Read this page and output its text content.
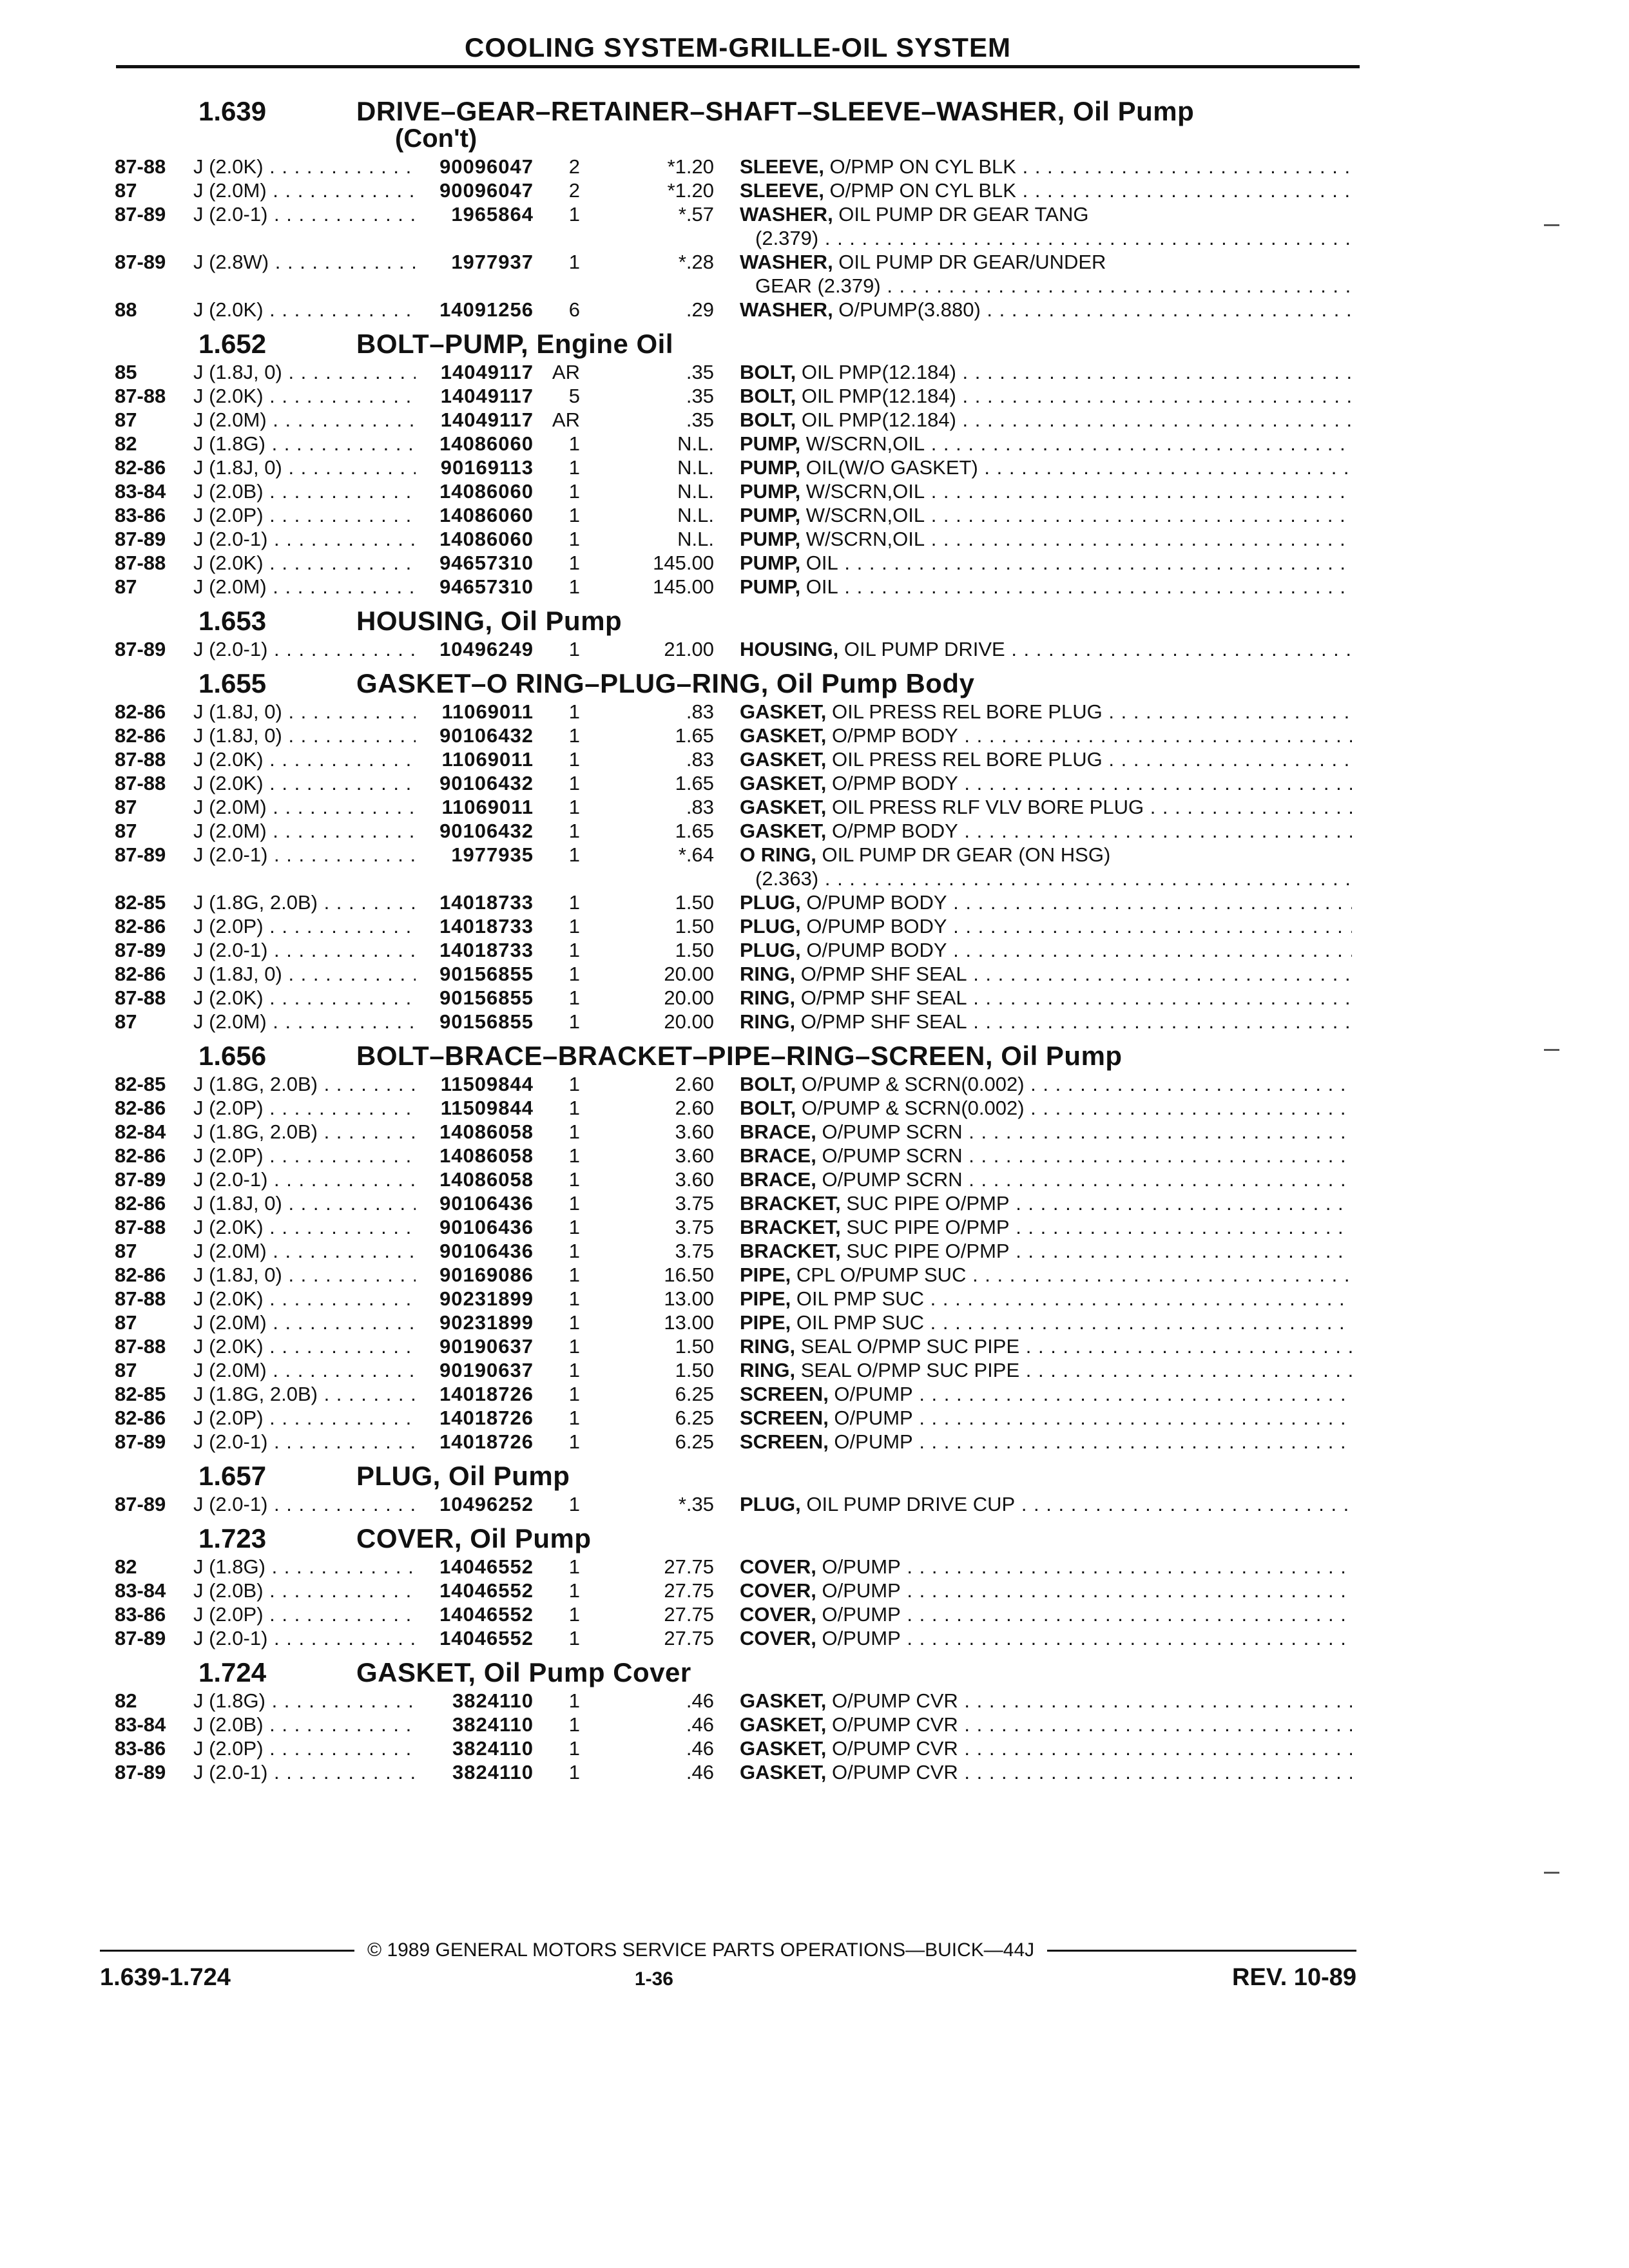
COOLING SYSTEM-GRILLE-OIL SYSTEM
1.639	DRIVE–GEAR–RETAINER–SHAFT–SLEEVE–WASHER, Oil Pump
(Con't)
87-88	J (2.0K) . . .	90096047	2	*1.20	SLEEVE, O/PMP ON CYL BLK . . .
87	J (2.0M) . . .	90096047	2	*1.20	SLEEVE, O/PMP ON CYL BLK . . .
87-89	J (2.0-1) . . .	1965864	1	*.57	WASHER, OIL PUMP DR GEAR TANG
(2.379) . . .
87-89	J (2.8W) . . .	1977937	1	*.28	WASHER, OIL PUMP DR GEAR/UNDER
GEAR (2.379) . . .
88	J (2.0K) . . .	14091256	6	.29	WASHER, O/PUMP(3.880) . . .
1.652	BOLT–PUMP, Engine Oil
85	J (1.8J, 0) . . .	14049117 AR	.35	BOLT, OIL PMP(12.184) . . .
87-88	J (2.0K) . . .	14049117	5	.35	BOLT, OIL PMP(12.184) . . .
87	J (2.0M) . . .	14049117 AR	.35	BOLT, OIL PMP(12.184) . . .
82	J (1.8G) . . .	14086060	1	N.L.	PUMP, W/SCRN,OIL . . .
82-86	J (1.8J, 0) . . .	90169113	1	N.L.	PUMP, OIL(W/O GASKET) . . .
83-84	J (2.0B) . . .	14086060	1	N.L.	PUMP, W/SCRN,OIL . . .
83-86	J (2.0P) . . .	14086060	1	N.L.	PUMP, W/SCRN,OIL . . .
87-89	J (2.0-1) . . .	14086060	1	N.L.	PUMP, W/SCRN,OIL . . .
87-88	J (2.0K) . . .	94657310	1	145.00	PUMP, OIL . . .
87	J (2.0M) . . .	94657310	1	145.00	PUMP, OIL . . .
1.653	HOUSING, Oil Pump
87-89	J (2.0-1) . . .	10496249	1	21.00	HOUSING, OIL PUMP DRIVE . . .
1.655	GASKET–O RING–PLUG–RING, Oil Pump Body
82-86	J (1.8J, 0) . . .	11069011	1	.83	GASKET, OIL PRESS REL BORE PLUG . . .
82-86	J (1.8J, 0) . . .	90106432	1	1.65	GASKET, O/PMP BODY . . .
87-88	J (2.0K) . . .	11069011	1	.83	GASKET, OIL PRESS REL BORE PLUG . . .
87-88	J (2.0K) . . .	90106432	1	1.65	GASKET, O/PMP BODY . . .
87	J (2.0M) . . .	11069011	1	.83	GASKET, OIL PRESS RLF VLV BORE PLUG . . .
87	J (2.0M) . . .	90106432	1	1.65	GASKET, O/PMP BODY . . .
87-89	J (2.0-1) . . .	1977935	1	*.64	O RING, OIL PUMP DR GEAR (ON HSG)
(2.363) . . .
82-85	J (1.8G, 2.0B) . . .	14018733	1	1.50	PLUG, O/PUMP BODY . . .
82-86	J (2.0P) . . .	14018733	1	1.50	PLUG, O/PUMP BODY . . .
87-89	J (2.0-1) . . .	14018733	1	1.50	PLUG, O/PUMP BODY . . .
82-86	J (1.8J, 0) . . .	90156855	1	20.00	RING, O/PMP SHF SEAL . . .
87-88	J (2.0K) . . .	90156855	1	20.00	RING, O/PMP SHF SEAL . . .
87	J (2.0M) . . .	90156855	1	20.00	RING, O/PMP SHF SEAL . . .
1.656	BOLT–BRACE–BRACKET–PIPE–RING–SCREEN, Oil Pump
82-85	J (1.8G, 2.0B) . . .	11509844	1	2.60	BOLT, O/PUMP & SCRN(0.002) . . .
82-86	J (2.0P) . . .	11509844	1	2.60	BOLT, O/PUMP & SCRN(0.002) . . .
82-84	J (1.8G, 2.0B) . . .	14086058	1	3.60	BRACE, O/PUMP SCRN . . .
82-86	J (2.0P) . . .	14086058	1	3.60	BRACE, O/PUMP SCRN . . .
87-89	J (2.0-1) . . .	14086058	1	3.60	BRACE, O/PUMP SCRN . . .
82-86	J (1.8J, 0) . . .	90106436	1	3.75	BRACKET, SUC PIPE O/PMP . . .
87-88	J (2.0K) . . .	90106436	1	3.75	BRACKET, SUC PIPE O/PMP . . .
87	J (2.0M) . . .	90106436	1	3.75	BRACKET, SUC PIPE O/PMP . . .
82-86	J (1.8J, 0) . . .	90169086	1	16.50	PIPE, CPL O/PUMP SUC . . .
87-88	J (2.0K) . . .	90231899	1	13.00	PIPE, OIL PMP SUC . . .
87	J (2.0M) . . .	90231899	1	13.00	PIPE, OIL PMP SUC . . .
87-88	J (2.0K) . . .	90190637	1	1.50	RING, SEAL O/PMP SUC PIPE . . .
87	J (2.0M) . . .	90190637	1	1.50	RING, SEAL O/PMP SUC PIPE . . .
82-85	J (1.8G, 2.0B) . . .	14018726	1	6.25	SCREEN, O/PUMP . . .
82-86	J (2.0P) . . .	14018726	1	6.25	SCREEN, O/PUMP . . .
87-89	J (2.0-1) . . .	14018726	1	6.25	SCREEN, O/PUMP . . .
1.657	PLUG, Oil Pump
87-89	J (2.0-1) . . .	10496252	1	*.35	PLUG, OIL PUMP DRIVE CUP . . .
1.723	COVER, Oil Pump
82	J (1.8G) . . .	14046552	1	27.75	COVER, O/PUMP . . .
83-84	J (2.0B) . . .	14046552	1	27.75	COVER, O/PUMP . . .
83-86	J (2.0P) . . .	14046552	1	27.75	COVER, O/PUMP . . .
87-89	J (2.0-1) . . .	14046552	1	27.75	COVER, O/PUMP . . .
1.724	GASKET, Oil Pump Cover
82	J (1.8G) . . .	3824110	1	.46	GASKET, O/PUMP CVR . . .
83-84	J (2.0B) . . .	3824110	1	.46	GASKET, O/PUMP CVR . . .
83-86	J (2.0P) . . .	3824110	1	.46	GASKET, O/PUMP CVR . . .
87-89	J (2.0-1) . . .	3824110	1	.46	GASKET, O/PUMP CVR . . .
© 1989 GENERAL MOTORS SERVICE PARTS OPERATIONS—BUICK—44J
1.639-1.724	1-36	REV. 10-89
